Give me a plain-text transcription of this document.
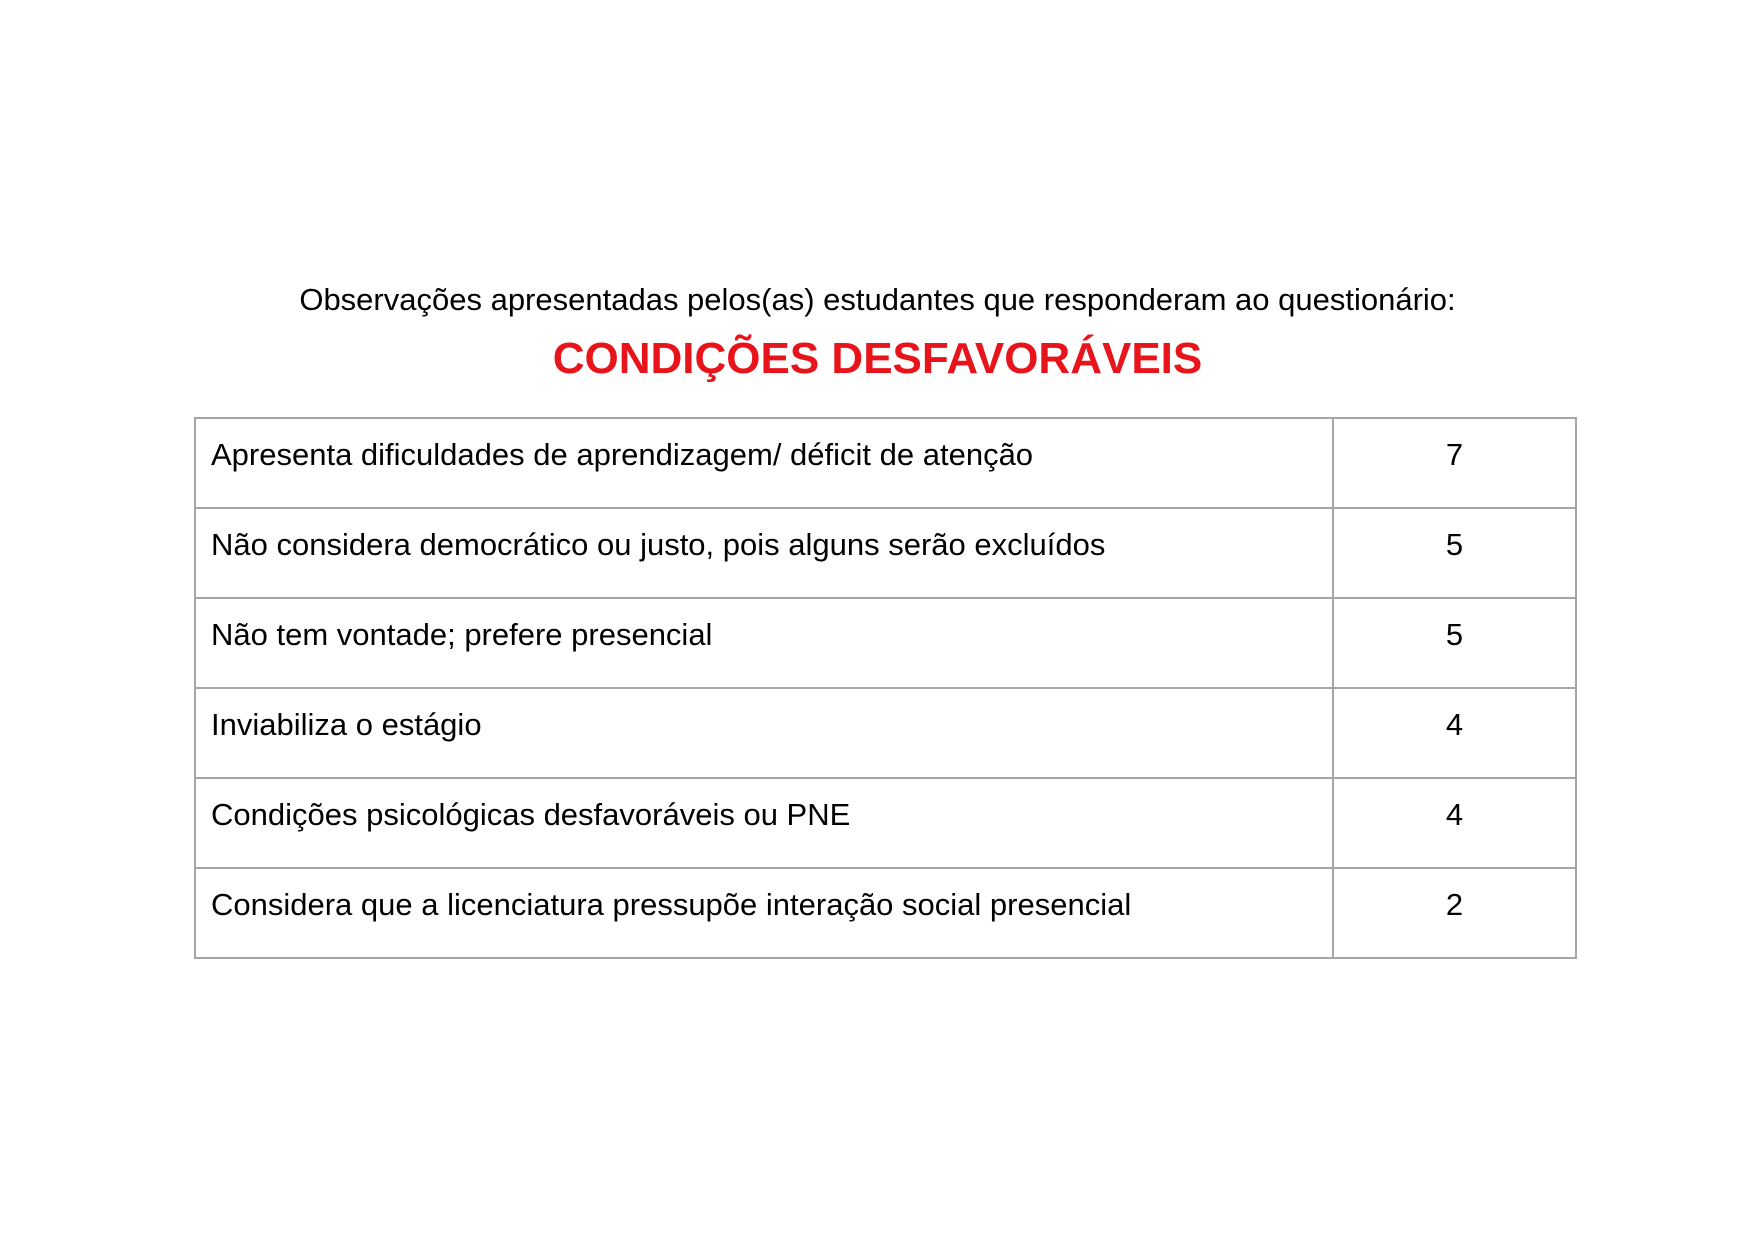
Observações apresentadas pelos(as) estudantes que responderam ao questionário:
CONDIÇÕES DESFAVORÁVEIS
Apresenta dificuldades de aprendizagem/ déficit de atenção	7
Não considera democrático ou justo, pois alguns serão excluídos	5
Não tem vontade; prefere presencial	5
Inviabiliza o estágio	4
Condições psicológicas desfavoráveis ou PNE	4
Considera que a licenciatura pressupõe interação social presencial	2
